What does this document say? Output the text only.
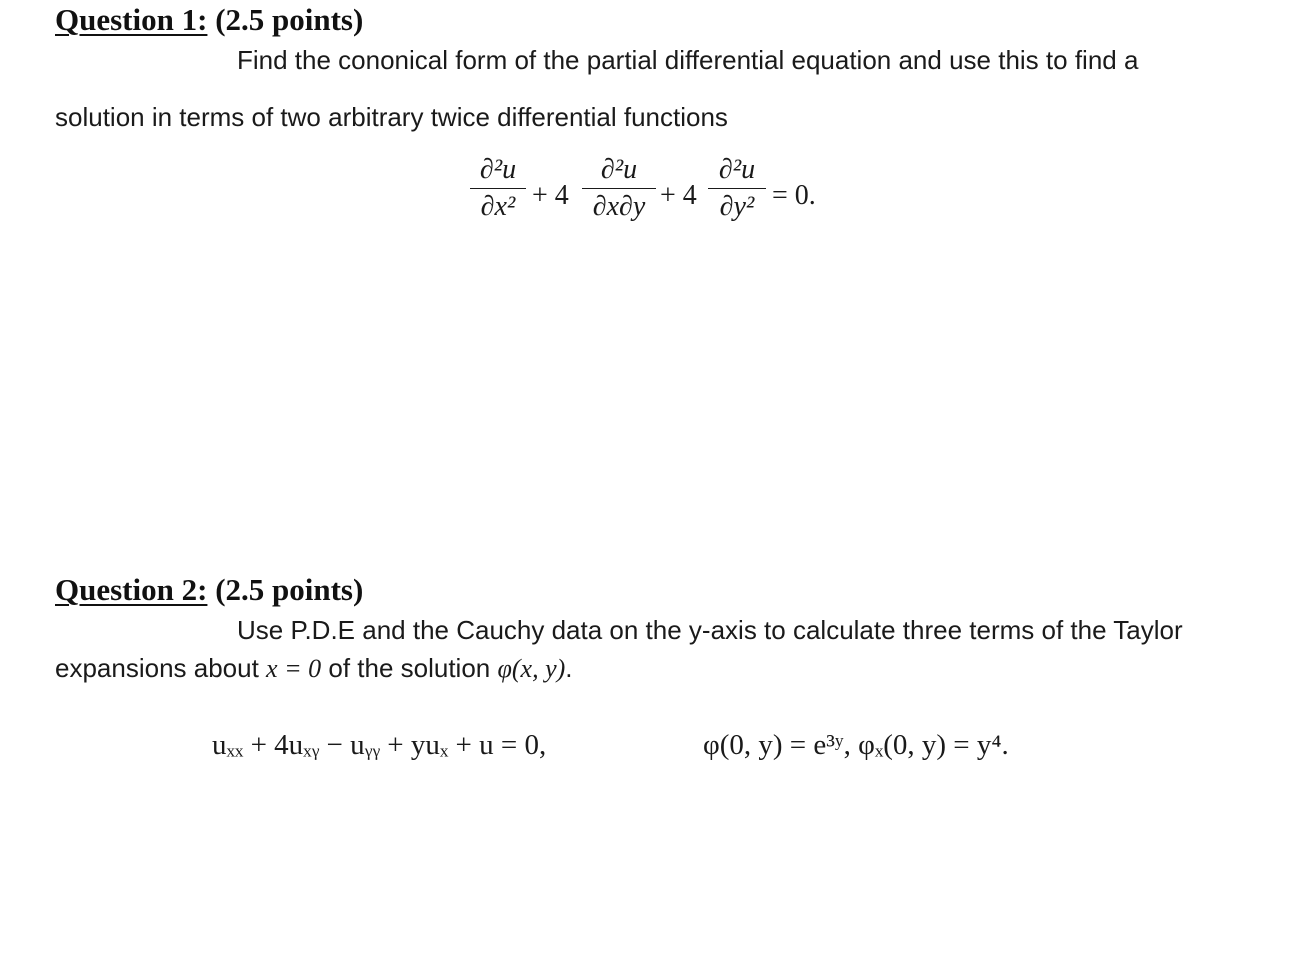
Question 1: (2.5 points)
Find the cononical form of the partial differential equation and use this to find a
solution in terms of two arbitrary twice differential functions
∂²u
∂x² + 4
∂²u
∂x∂y + 4
∂²u
∂y² = 0.
Question 2: (2.5 points)
Use P.D.E and the Cauchy data on the y-axis to calculate three terms of the Taylor
expansions about x = 0 of the solution φ(x, y).
uₓₓ + 4uₓᵧ − uᵧᵧ + yuₓ + u = 0,	φ(0, y) = e³ʸ, φₓ(0, y) = y⁴.
